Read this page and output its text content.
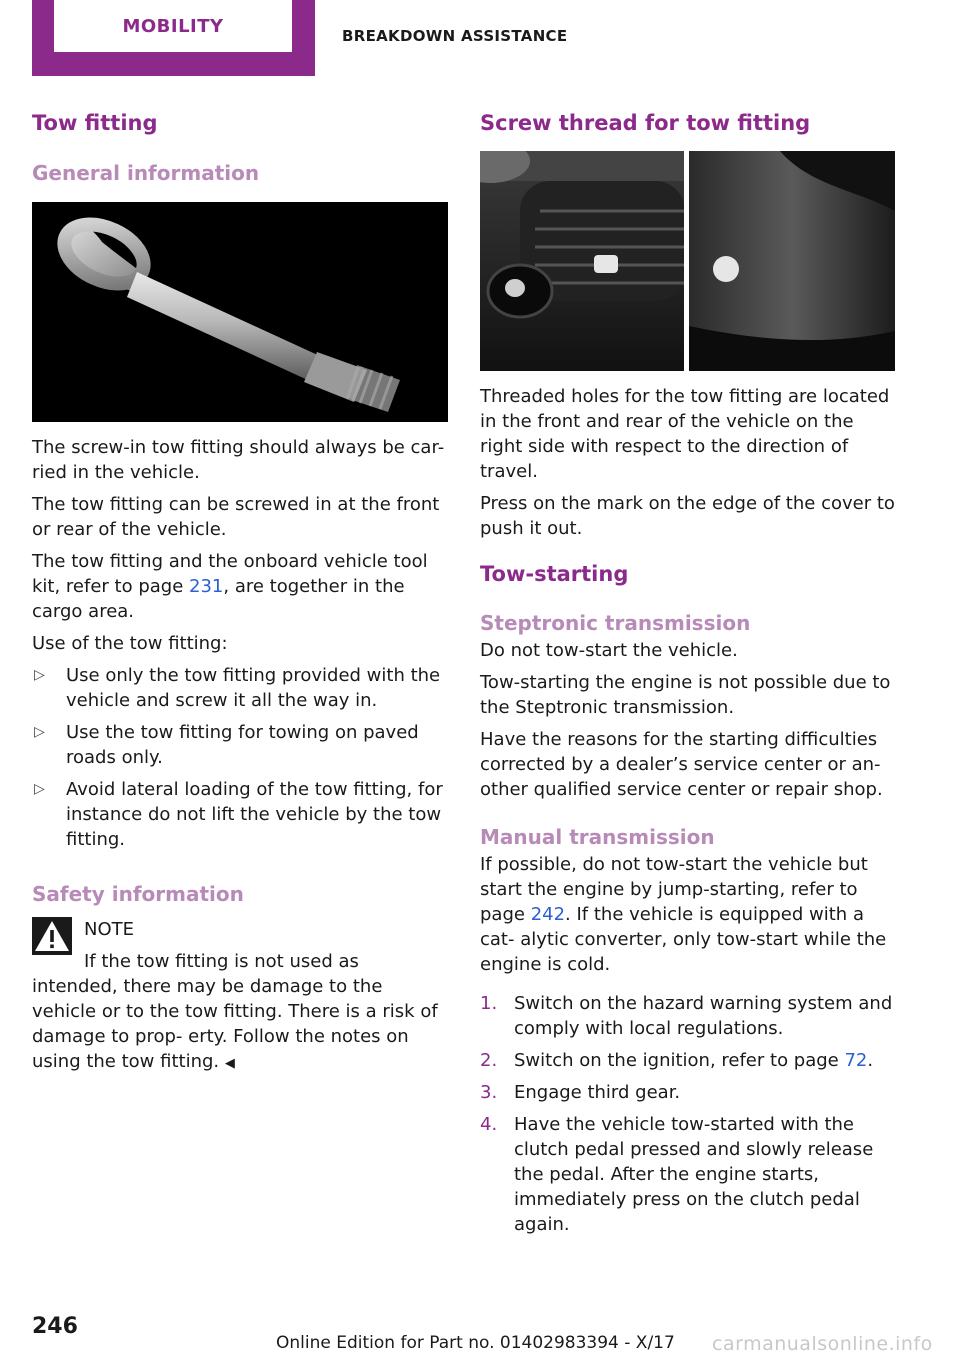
MOBILITY	BREAKDOWN ASSISTANCE
Tow fitting
General information

The screw-in tow fitting should always be car- ried in the vehicle.

The tow fitting can be screwed in at the front or rear of the vehicle.

The tow fitting and the onboard vehicle tool kit, refer to page 231, are together in the cargo area.

Use of the tow fitting:

▷ Use only the tow fitting provided with the vehicle and screw it all the way in.
▷ Use the tow fitting for towing on paved roads only.
▷ Avoid lateral loading of the tow fitting, for instance do not lift the vehicle by the tow fitting.
Safety information
NOTE
If the tow fitting is not used as intended, there may be damage to the vehicle or to the tow fitting. There is a risk of damage to prop- erty. Follow the notes on using the tow fitting. ◀
Screw thread for tow fitting

Threaded holes for the tow fitting are located in the front and rear of the vehicle on the right side with respect to the direction of travel.

Press on the mark on the edge of the cover to push it out.

Tow-starting
Steptronic transmission

Do not tow-start the vehicle.

Tow-starting the engine is not possible due to the Steptronic transmission.

Have the reasons for the starting difficulties corrected by a dealer’s service center or an- other qualified service center or repair shop.

Manual transmission

If possible, do not tow-start the vehicle but start the engine by jump-starting, refer to page 242. If the vehicle is equipped with a cat- alytic converter, only tow-start while the engine is cold.

1. Switch on the hazard warning system and comply with local regulations.
2. Switch on the ignition, refer to page 72.
3. Engage third gear.
4. Have the vehicle tow-started with the clutch pedal pressed and slowly release the pedal. After the engine starts, immediately press on the clutch pedal again.
246
Online Edition for Part no. 01402983394 - X/17 carmanualsonline.info
